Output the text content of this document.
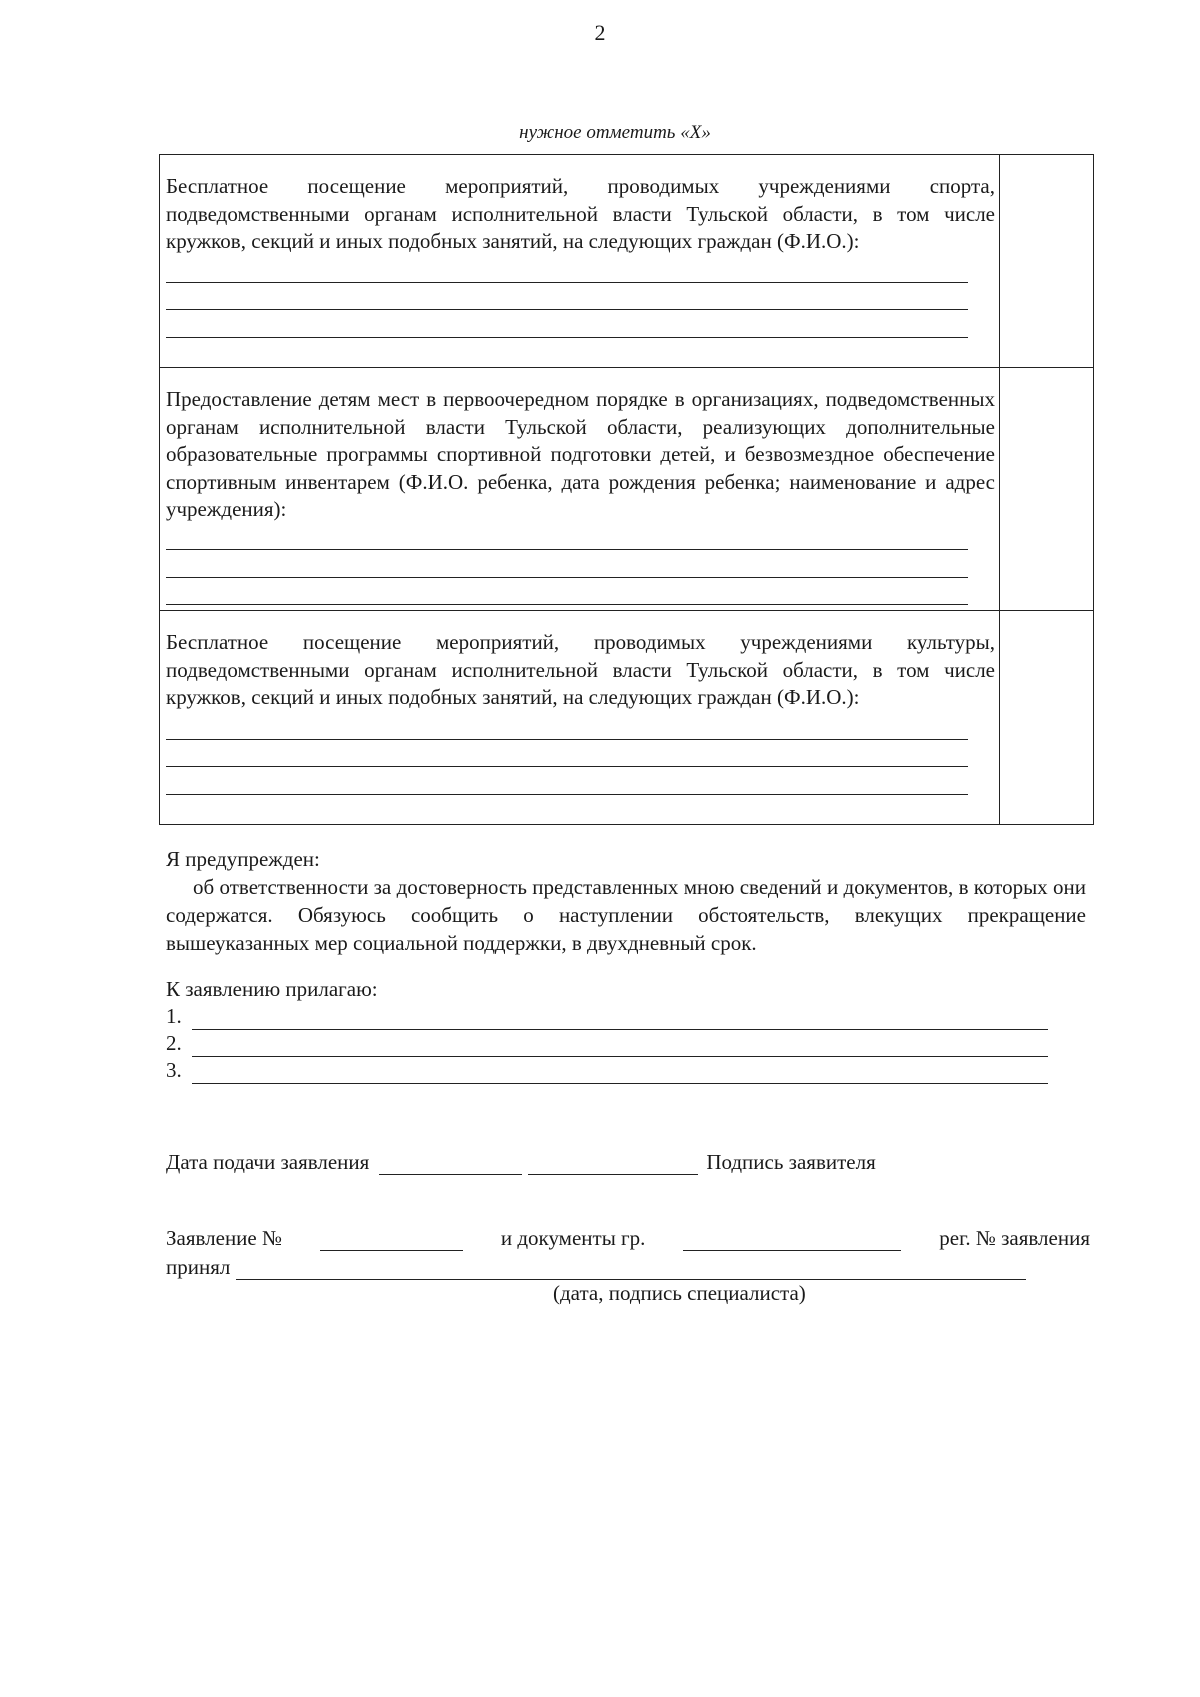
2
нужное отметить «Х»
Бесплатное посещение мероприятий, проводимых учреждениями спорта, подведомственными органам исполнительной власти Тульской области, в том числе кружков, секций и иных подобных занятий, на следующих граждан (Ф.И.О.):	

Предоставление детям мест в первоочередном порядке в организациях, подведомственных органам исполнительной власти Тульской области, реализующих дополнительные образовательные программы спортивной подготовки детей, и безвозмездное обеспечение спортивным инвентарем (Ф.И.О. ребенка, дата рождения ребенка; наименование и адрес учреждения):	

Бесплатное посещение мероприятий, проводимых учреждениями культуры, подведомственными органам исполнительной власти Тульской области, в том числе кружков, секций и иных подобных занятий, на следующих граждан (Ф.И.О.):	

Я предупрежден:

об ответственности за достоверность представленных мною сведений и документов, в которых они содержатся. Обязуюсь сообщить о наступлении обстоятельств, влекущих прекращение вышеуказанных мер социальной поддержки, в двухдневный срок.

К заявлению прилагаю:
1.
2.
3.
Дата подачи заявления	Подпись заявителя
Заявление №	и документы гр.	рег. № заявления
принял
(дата, подпись специалиста)
